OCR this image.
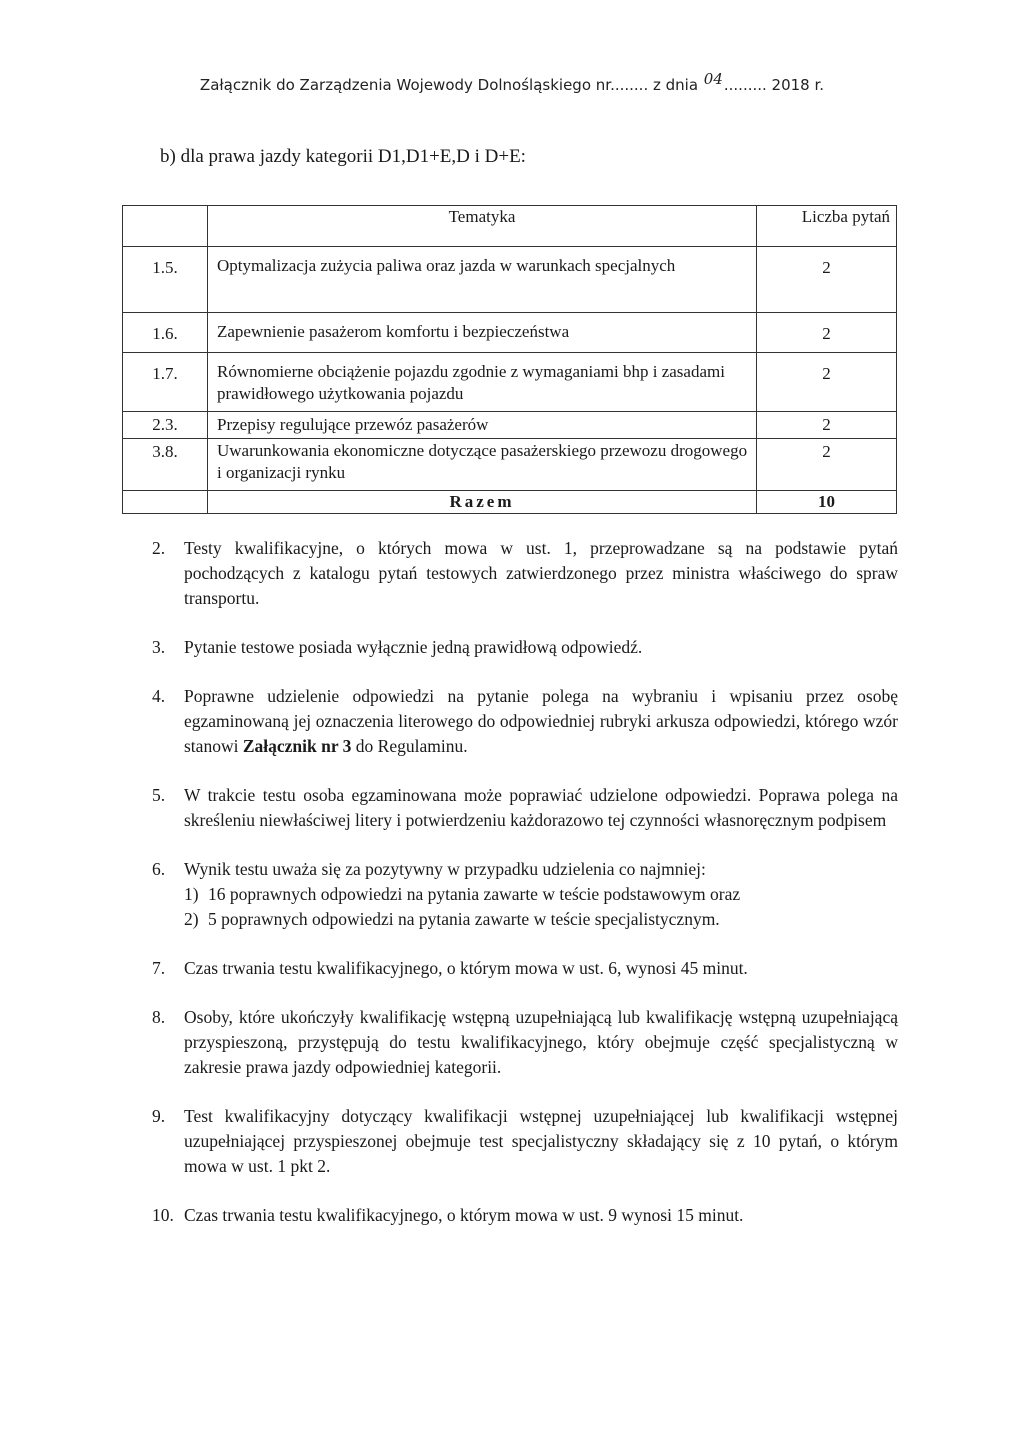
Załącznik do Zarządzenia Wojewody Dolnośląskiego nr........ z dnia 04......... 2018 r.
b) dla prawa jazdy kategorii D1,D1+E,D i D+E:
	Tematyka	Liczba pytań
1.5.	Optymalizacja zużycia paliwa oraz jazda w warunkach specjalnych	2
1.6.	Zapewnienie pasażerom komfortu i bezpieczeństwa	2
1.7.	Równomierne obciążenie pojazdu zgodnie z wymaganiami bhp i zasadami prawidłowego użytkowania pojazdu	2
2.3.	Przepisy regulujące przewóz pasażerów	2
3.8.	Uwarunkowania ekonomiczne dotyczące pasażerskiego przewozu drogowego i organizacji rynku	2
	Razem	10
2.	Testy kwalifikacyjne, o których mowa w ust. 1, przeprowadzane są na podstawie pytań pochodzących z katalogu pytań testowych zatwierdzonego przez ministra właściwego do spraw transportu.
3.	Pytanie testowe posiada wyłącznie jedną prawidłową odpowiedź.
4.	Poprawne udzielenie odpowiedzi na pytanie polega na wybraniu i wpisaniu przez osobę egzaminowaną jej oznaczenia literowego do odpowiedniej rubryki arkusza odpowiedzi, którego wzór stanowi Załącznik nr 3 do Regulaminu.
5.	W trakcie testu osoba egzaminowana może poprawiać udzielone odpowiedzi. Poprawa polega na skreśleniu niewłaściwej litery i potwierdzeniu każdorazowo tej czynności własnoręcznym podpisem
6.	Wynik testu uważa się za pozytywny w przypadku udzielenia co najmniej:
1) 16 poprawnych odpowiedzi na pytania zawarte w teście podstawowym oraz
2) 5 poprawnych odpowiedzi na pytania zawarte w teście specjalistycznym.
7.	Czas trwania testu kwalifikacyjnego, o którym mowa w ust. 6, wynosi 45 minut.
8.	Osoby, które ukończyły kwalifikację wstępną uzupełniającą lub kwalifikację wstępną uzupełniającą przyspieszoną, przystępują do testu kwalifikacyjnego, który obejmuje część specjalistyczną w zakresie prawa jazdy odpowiedniej kategorii.
9.	Test kwalifikacyjny dotyczący kwalifikacji wstępnej uzupełniającej lub kwalifikacji wstępnej uzupełniającej przyspieszonej obejmuje test specjalistyczny składający się z 10 pytań, o którym mowa w ust. 1 pkt 2.
10. Czas trwania testu kwalifikacyjnego, o którym mowa w ust. 9 wynosi 15 minut.
